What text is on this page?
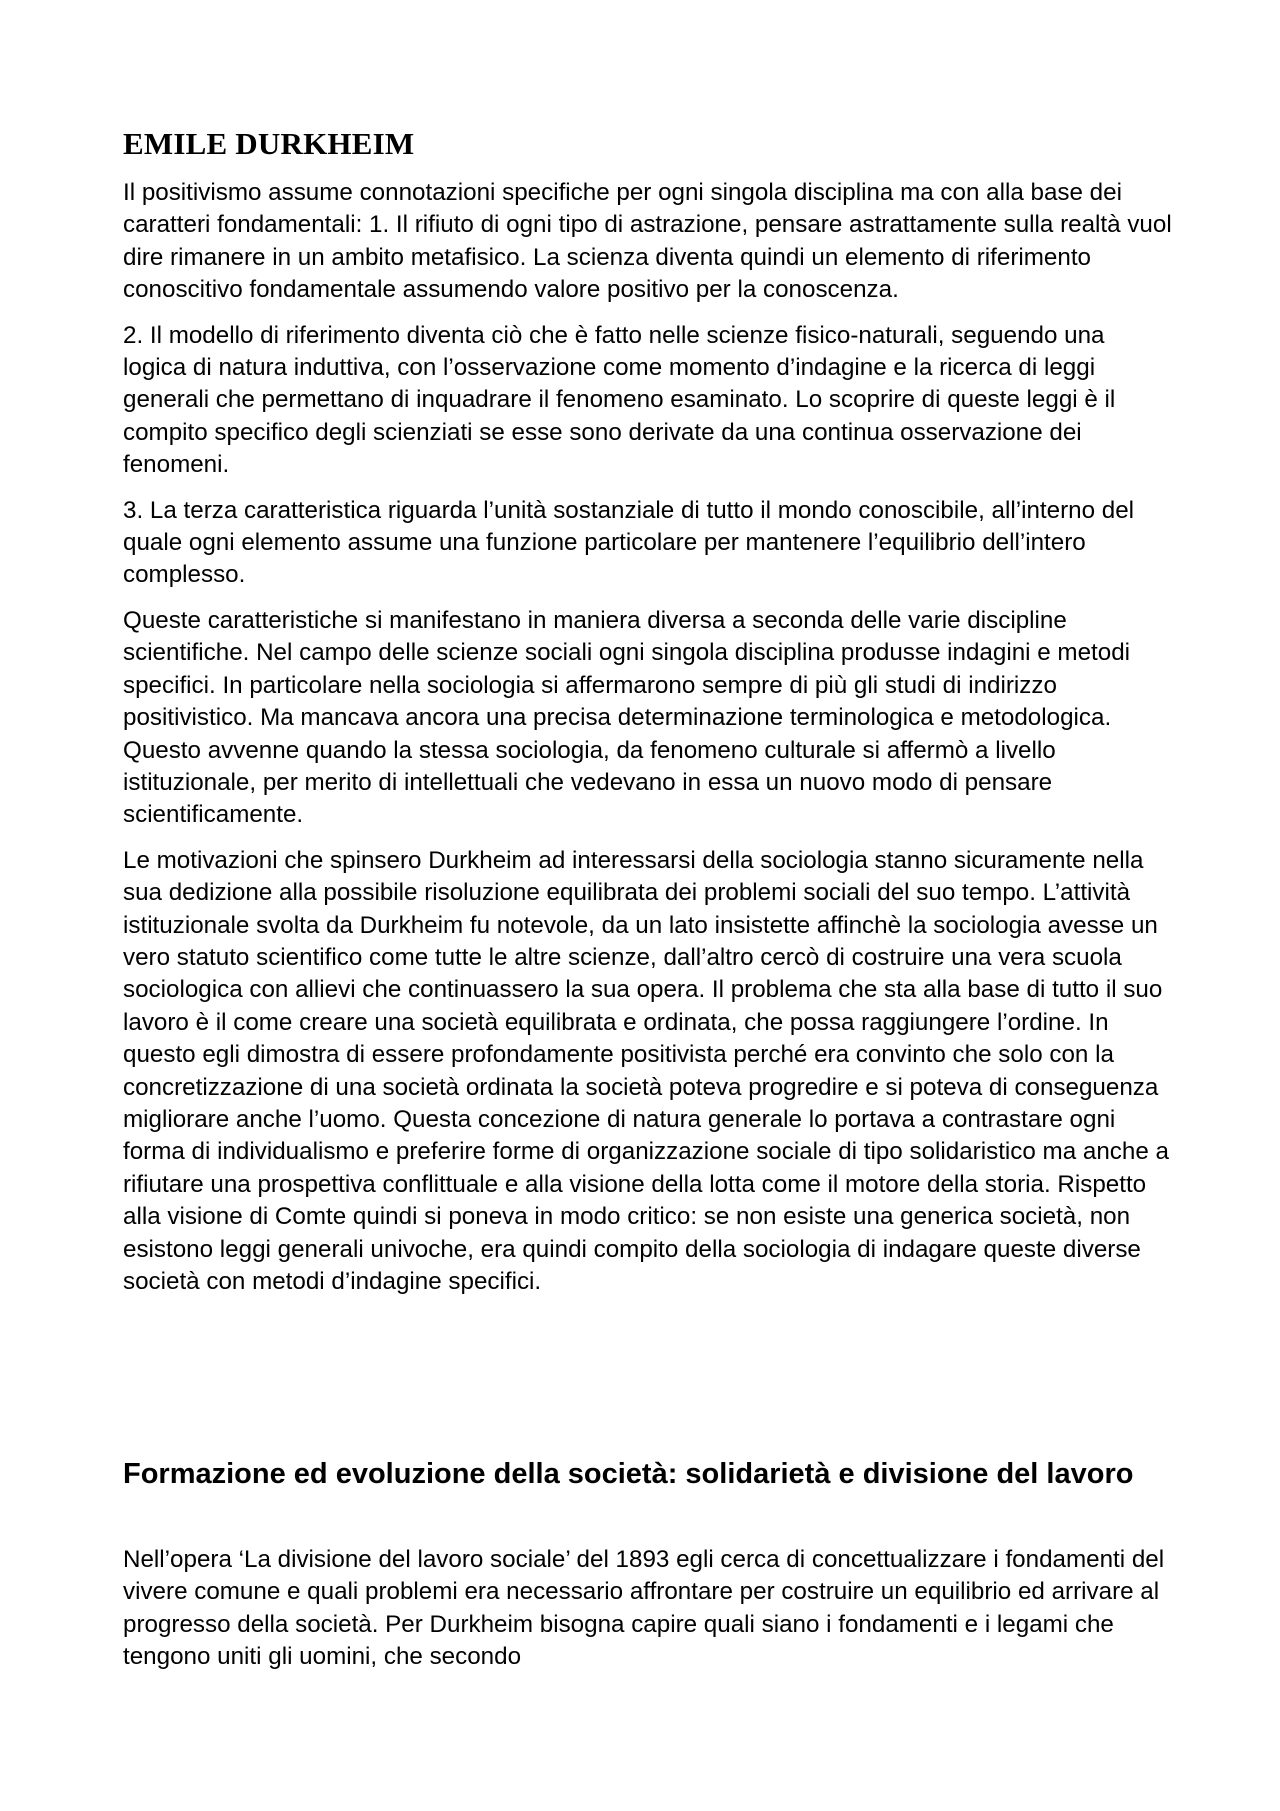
EMILE DURKHEIM

Il positivismo assume connotazioni specifiche per ogni singola disciplina ma con alla base dei caratteri fondamentali: 1. Il rifiuto di ogni tipo di astrazione, pensare astrattamente sulla realtà vuol dire rimanere in un ambito metafisico. La scienza diventa quindi un elemento di riferimento conoscitivo fondamentale assumendo valore positivo per la conoscenza.

2. Il modello di riferimento diventa ciò che è fatto nelle scienze fisico-naturali, seguendo una logica di natura induttiva, con l’osservazione come momento d’indagine e la ricerca di leggi generali che permettano di inquadrare il fenomeno esaminato. Lo scoprire di queste leggi è il compito specifico degli scienziati se esse sono derivate da una continua osservazione dei fenomeni.

3. La terza caratteristica riguarda l’unità sostanziale di tutto il mondo conoscibile, all’interno del quale ogni elemento assume una funzione particolare per mantenere l’equilibrio dell’intero complesso.

Queste caratteristiche si manifestano in maniera diversa a seconda delle varie discipline scientifiche. Nel campo delle scienze sociali ogni singola disciplina produsse indagini e metodi specifici. In particolare nella sociologia si affermarono sempre di più gli studi di indirizzo positivistico. Ma mancava ancora una precisa determinazione terminologica e metodologica. Questo avvenne quando la stessa sociologia, da fenomeno culturale si affermò a livello istituzionale, per merito di intellettuali che vedevano in essa un nuovo modo di pensare scientificamente.

Le motivazioni che spinsero Durkheim ad interessarsi della sociologia stanno sicuramente nella sua dedizione alla possibile risoluzione equilibrata dei problemi sociali del suo tempo. L’attività istituzionale svolta da Durkheim fu notevole, da un lato insistette affinchè la sociologia avesse un vero statuto scientifico come tutte le altre scienze, dall’altro cercò di costruire una vera scuola sociologica con allievi che continuassero la sua opera. Il problema che sta alla base di tutto il suo lavoro è il come creare una società equilibrata e ordinata, che possa raggiungere l’ordine. In questo egli dimostra di essere profondamente positivista perché era convinto che solo con la concretizzazione di una società ordinata la società poteva progredire e si poteva di conseguenza migliorare anche l’uomo. Questa concezione di natura generale lo portava a contrastare ogni forma di individualismo e preferire forme di organizzazione sociale di tipo solidaristico ma anche a rifiutare una prospettiva conflittuale e alla visione della lotta come il motore della storia. Rispetto alla visione di Comte quindi si poneva in modo critico: se non esiste una generica società, non esistono leggi generali univoche, era quindi compito della sociologia di indagare queste diverse società con metodi d’indagine specifici.

Formazione ed evoluzione della società: solidarietà e divisione del lavoro

Nell’opera ‘La divisione del lavoro sociale’ del 1893 egli cerca di concettualizzare i fondamenti del vivere comune e quali problemi era necessario affrontare per costruire un equilibrio ed arrivare al progresso della società. Per Durkheim bisogna capire quali siano i fondamenti e i legami che tengono uniti gli uomini, che secondo
